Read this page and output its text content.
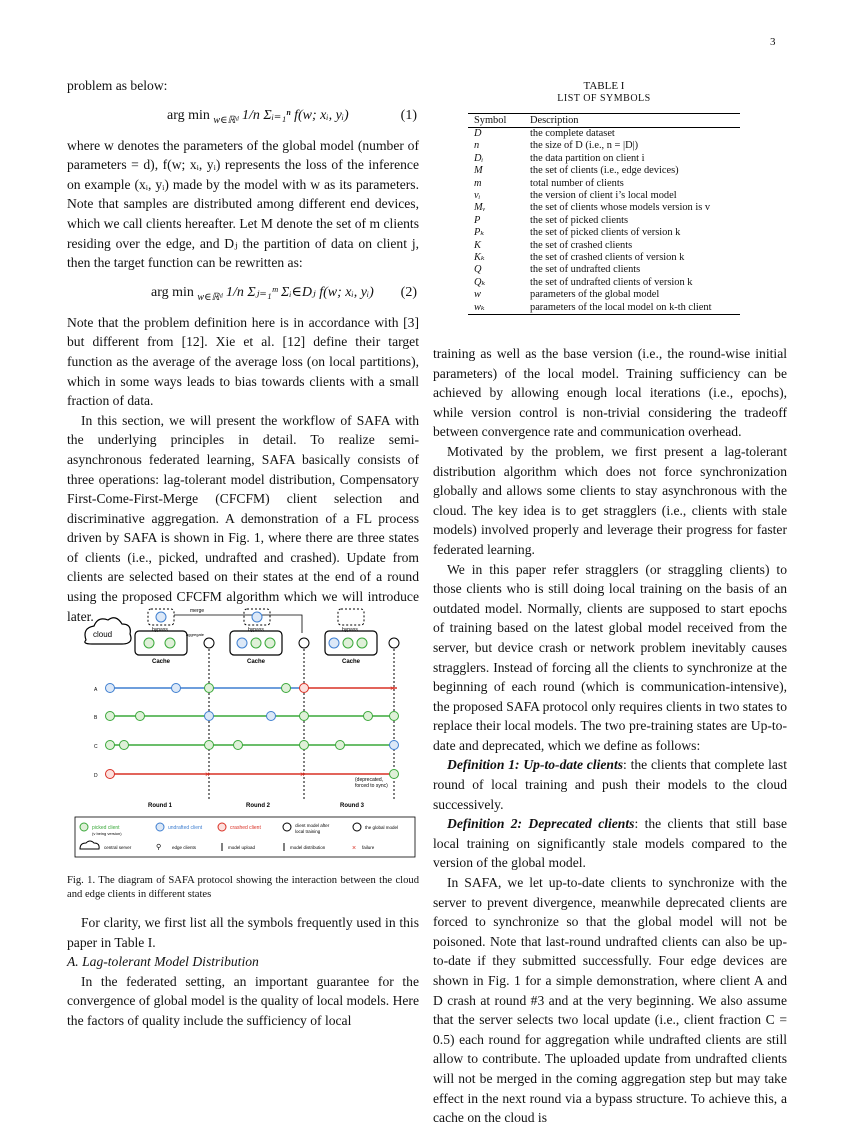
3

problem as below:

arg min $_{w\in ℝᵈ}$ 1/n Σᵢ₌₁ⁿ f(w; xᵢ, yᵢ)	(1)

where w denotes the parameters of the global model (number of parameters = d), f(w; xᵢ, yᵢ) represents the loss of the inference on example (xᵢ, yᵢ) made by the model with w as its parameters. Note that samples are distributed among different end devices, which we call clients hereafter. Let M denote the set of m clients residing over the edge, and Dⱼ the partition of data on client j, then the target function can be rewritten as:

arg min $_{w\in ℝᵈ}$ 1/n Σⱼ₌₁ᵐ Σᵢ∈Dⱼ f(w; xᵢ, yᵢ) (2)

Note that the problem definition here is in accordance with [3] but different from [12]. Xie et al. [12] define their target function as the average of the average loss (on local partitions), which in some ways leads to bias towards clients with a small fraction of data.

In this section, we will present the workflow of SAFA with the underlying principles in detail. To realize semi-asynchronous federated learning, SAFA basically consists of three operations: lag-tolerant model distribution, Compensatory First-Come-First-Merge (CFCFM) client selection and discriminative aggregation. A demonstration of a FL process driven by SAFA is shown in Fig. 1, where there are three states of clients (i.e., picked, undrafted and crashed). Update from clients are selected based on their states at the end of a round using the proposed CFCFM algorithm which we will introduce later.

cloud
Cache	Cache	Cache
bypass	bypass	bypass
merge
aggregate
A
B
C
D
×
×	×
(deprecated,
forced to sync)
Round 1	Round 2	Round 3
picked client
(v being version)
undrafted client	crashed client	client model after
local training
the global model
central server	⚲ edge clients	model upload	model distribution	× failure

Fig. 1. The diagram of SAFA protocol showing the interaction between the cloud and edge clients in different states

For clarity, we first list all the symbols frequently used in this paper in Table I.

A. Lag-tolerant Model Distribution

In the federated setting, an important guarantee for the convergence of global model is the quality of local models. Here the factors of quality include the sufficiency of local

TABLE I
LIST OF SYMBOLS
Symbol	Description
D	the complete dataset
n	the size of D (i.e., n = |D|)
Dᵢ	the data partition on client i
M	the set of clients (i.e., edge devices)
m	total number of clients
vᵢ	the version of client i’s local model
Mᵥ	the set of clients whose models version is v
P	the set of picked clients
Pₖ	the set of picked clients of version k
K	the set of crashed clients
Kₖ	the set of crashed clients of version k
Q	the set of undrafted clients
Qₖ	the set of undrafted clients of version k
w	parameters of the global model
wₖ	parameters of the local model on k-th client

training as well as the base version (i.e., the round-wise initial parameters) of the local model. Training sufficiency can be achieved by allowing enough local iterations (i.e., epochs), while version control is non-trivial considering the tradeoff between convergence rate and communication overhead.

Motivated by the problem, we first present a lag-tolerant distribution algorithm which does not force synchronization globally and allows some clients to stay asynchronous with the cloud. The key idea is to get stragglers (i.e., clients with stale models) involved properly and leverage their progress for faster federated learning.

We in this paper refer stragglers (or straggling clients) to those clients who is still doing local training on the basis of an outdated model. Normally, clients are supposed to start epochs of training based on the latest global model received from the server, but device crash or network problem inevitably causes stragglers. Instead of forcing all the clients to synchronize at the beginning of each round (which is communication-intensive), the proposed SAFA protocol only requires clients in two states to replace their local models. The two pre-training states are Up-to-date and deprecated, which we define as follows:

Definition 1: Up-to-date clients: the clients that complete last round of local training and push their models to the cloud successively.

Definition 2: Deprecated clients: the clients that still base local training on significantly stale models compared to the version of the global model.

In SAFA, we let up-to-date clients to synchronize with the server to prevent divergence, meanwhile deprecated clients are forced to synchronize so that the global model will not be poisoned. Note that last-round undrafted clients can also be up-to-date if they submitted successfully. Four edge devices are shown in Fig. 1 for a simple demonstration, where client A and D crash at round #3 and at the very beginning. We also assume that the server selects two local update (i.e., client fraction C = 0.5) each round for aggregation while undrafted clients are still allow to contribute. The uploaded update from undrafted clients will not be merged in the coming aggregation step but may take effect in the next round via a bypass structure. To achieve this, a cache on the cloud is
